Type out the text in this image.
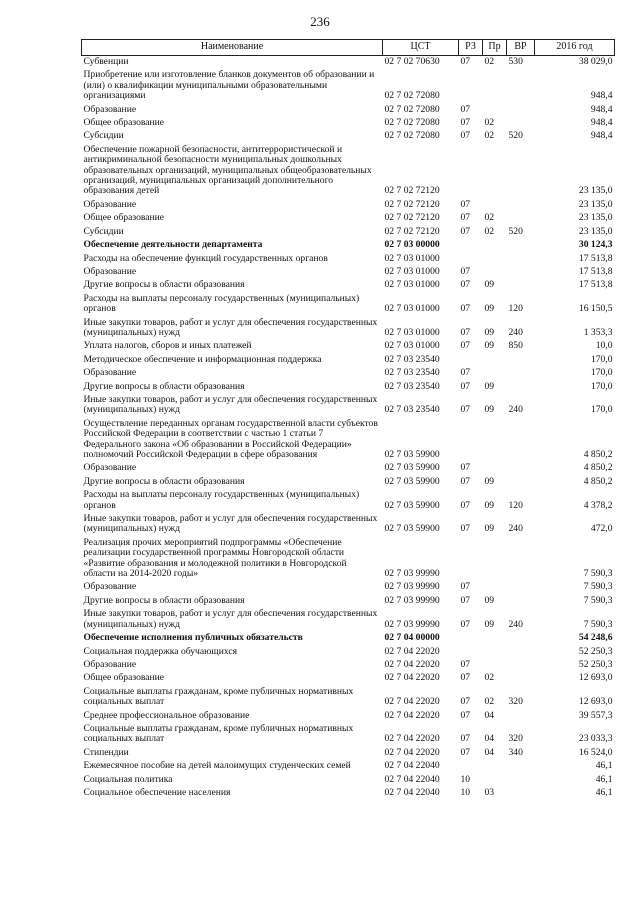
236
Наименование	ЦСТ	РЗ	Пр	ВР	2016 год
Субвенции	02 7 02 70630	07	02	530	38 029,0
Приобретение или изготовление бланков документов об образовании и (или) о квалификации муниципальными образовательными организациями	02 7 02 72080				948,4
Образование	02 7 02 72080	07			948,4
Общее образование	02 7 02 72080	07	02		948,4
Субсидии	02 7 02 72080	07	02	520	948,4
Обеспечение пожарной безопасности, антитеррористической и антикриминальной безопасности муниципальных дошкольных образовательных организаций, муниципальных общеобразовательных организаций, муниципальных организаций дополнительного образования детей	02 7 02 72120				23 135,0
Образование	02 7 02 72120	07			23 135,0
Общее образование	02 7 02 72120	07	02		23 135,0
Субсидии	02 7 02 72120	07	02	520	23 135,0
Обеспечение деятельности департамента	02 7 03 00000				30 124,3
Расходы на обеспечение функций государственных органов	02 7 03 01000				17 513,8
Образование	02 7 03 01000	07			17 513,8
Другие вопросы в области образования	02 7 03 01000	07	09		17 513,8
Расходы на выплаты персоналу государственных (муниципальных) органов	02 7 03 01000	07	09	120	16 150,5
Иные закупки товаров, работ и услуг для обеспечения государственных (муниципальных) нужд	02 7 03 01000	07	09	240	1 353,3
Уплата налогов, сборов и иных платежей	02 7 03 01000	07	09	850	10,0
Методическое обеспечение и информационная поддержка	02 7 03 23540				170,0
Образование	02 7 03 23540	07			170,0
Другие вопросы в области образования	02 7 03 23540	07	09		170,0
Иные закупки товаров, работ и услуг для обеспечения государственных (муниципальных) нужд	02 7 03 23540	07	09	240	170,0
Осуществление переданных органам государственной власти субъектов Российской Федерации в соответствии с частью 1 статьи 7 Федерального закона «Об образовании в Российской Федерации» полномочий Российской Федерации в сфере образования	02 7 03 59900				4 850,2
Образование	02 7 03 59900	07			4 850,2
Другие вопросы в области образования	02 7 03 59900	07	09		4 850,2
Расходы на выплаты персоналу государственных (муниципальных) органов	02 7 03 59900	07	09	120	4 378,2
Иные закупки товаров, работ и услуг для обеспечения государственных (муниципальных) нужд	02 7 03 59900	07	09	240	472,0
Реализация прочих мероприятий подпрограммы «Обеспечение реализации государственной программы Новгородской области «Развитие образования и молодежной политики в Новгородской области на 2014-2020 годы»	02 7 03 99990				7 590,3
Образование	02 7 03 99990	07			7 590,3
Другие вопросы в области образования	02 7 03 99990	07	09		7 590,3
Иные закупки товаров, работ и услуг для обеспечения государственных (муниципальных) нужд	02 7 03 99990	07	09	240	7 590,3
Обеспечение исполнения публичных обязательств	02 7 04 00000				54 248,6
Социальная поддержка обучающихся	02 7 04 22020				52 250,3
Образование	02 7 04 22020	07			52 250,3
Общее образование	02 7 04 22020	07	02		12 693,0
Социальные выплаты гражданам, кроме публичных нормативных социальных выплат	02 7 04 22020	07	02	320	12 693,0
Среднее профессиональное образование	02 7 04 22020	07	04		39 557,3
Социальные выплаты гражданам, кроме публичных нормативных социальных выплат	02 7 04 22020	07	04	320	23 033,3
Стипендии	02 7 04 22020	07	04	340	16 524,0
Ежемесячное пособие на детей малоимущих студенческих семей	02 7 04 22040				46,1
Социальная политика	02 7 04 22040	10			46,1
Социальное обеспечение населения	02 7 04 22040	10	03		46,1
